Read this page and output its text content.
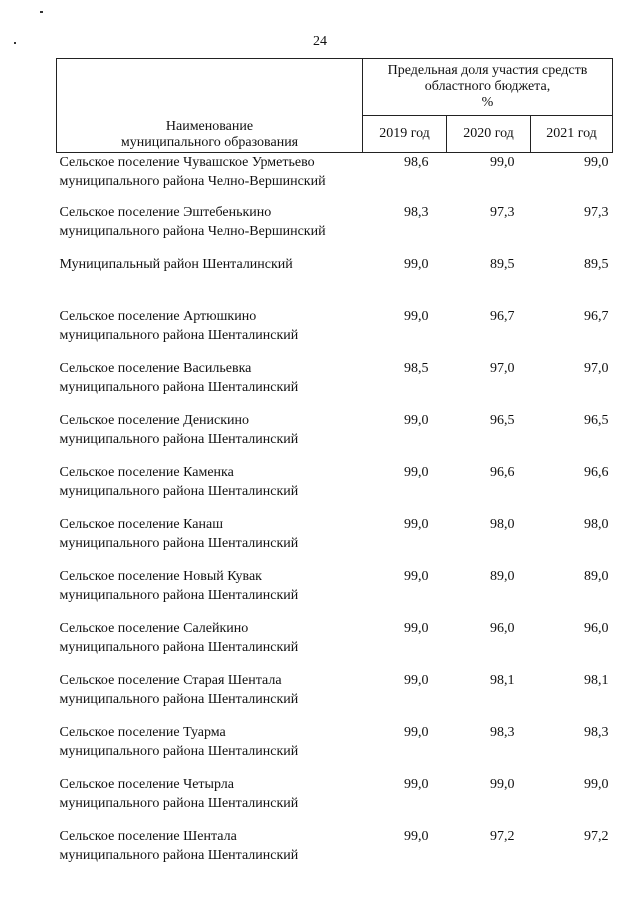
24
Наименование
муниципального образования	Предельная доля участия средств областного бюджета,
%		
	2019 год	2020 год	2021 год
Сельское поселение Чувашское Урметьево
муниципального района Челно-Вершинский	98,6	99,0	99,0
Сельское поселение Эштебенькино
муниципального района Челно-Вершинский	98,3	97,3	97,3
Муниципальный район Шенталинский	99,0	89,5	89,5
Сельское поселение Артюшкино
муниципального района Шенталинский	99,0	96,7	96,7
Сельское поселение Васильевка
муниципального района Шенталинский	98,5	97,0	97,0
Сельское поселение Денискино
муниципального района Шенталинский	99,0	96,5	96,5
Сельское поселение Каменка
муниципального района Шенталинский	99,0	96,6	96,6
Сельское поселение Канаш
муниципального района Шенталинский	99,0	98,0	98,0
Сельское поселение Новый Кувак
муниципального района Шенталинский	99,0	89,0	89,0
Сельское поселение Салейкино
муниципального района Шенталинский	99,0	96,0	96,0
Сельское поселение Старая Шентала
муниципального района Шенталинский	99,0	98,1	98,1
Сельское поселение Туарма
муниципального района Шенталинский	99,0	98,3	98,3
Сельское поселение Четырла
муниципального района Шенталинский	99,0	99,0	99,0
Сельское поселение Шентала
муниципального района Шенталинский	99,0	97,2	97,2
